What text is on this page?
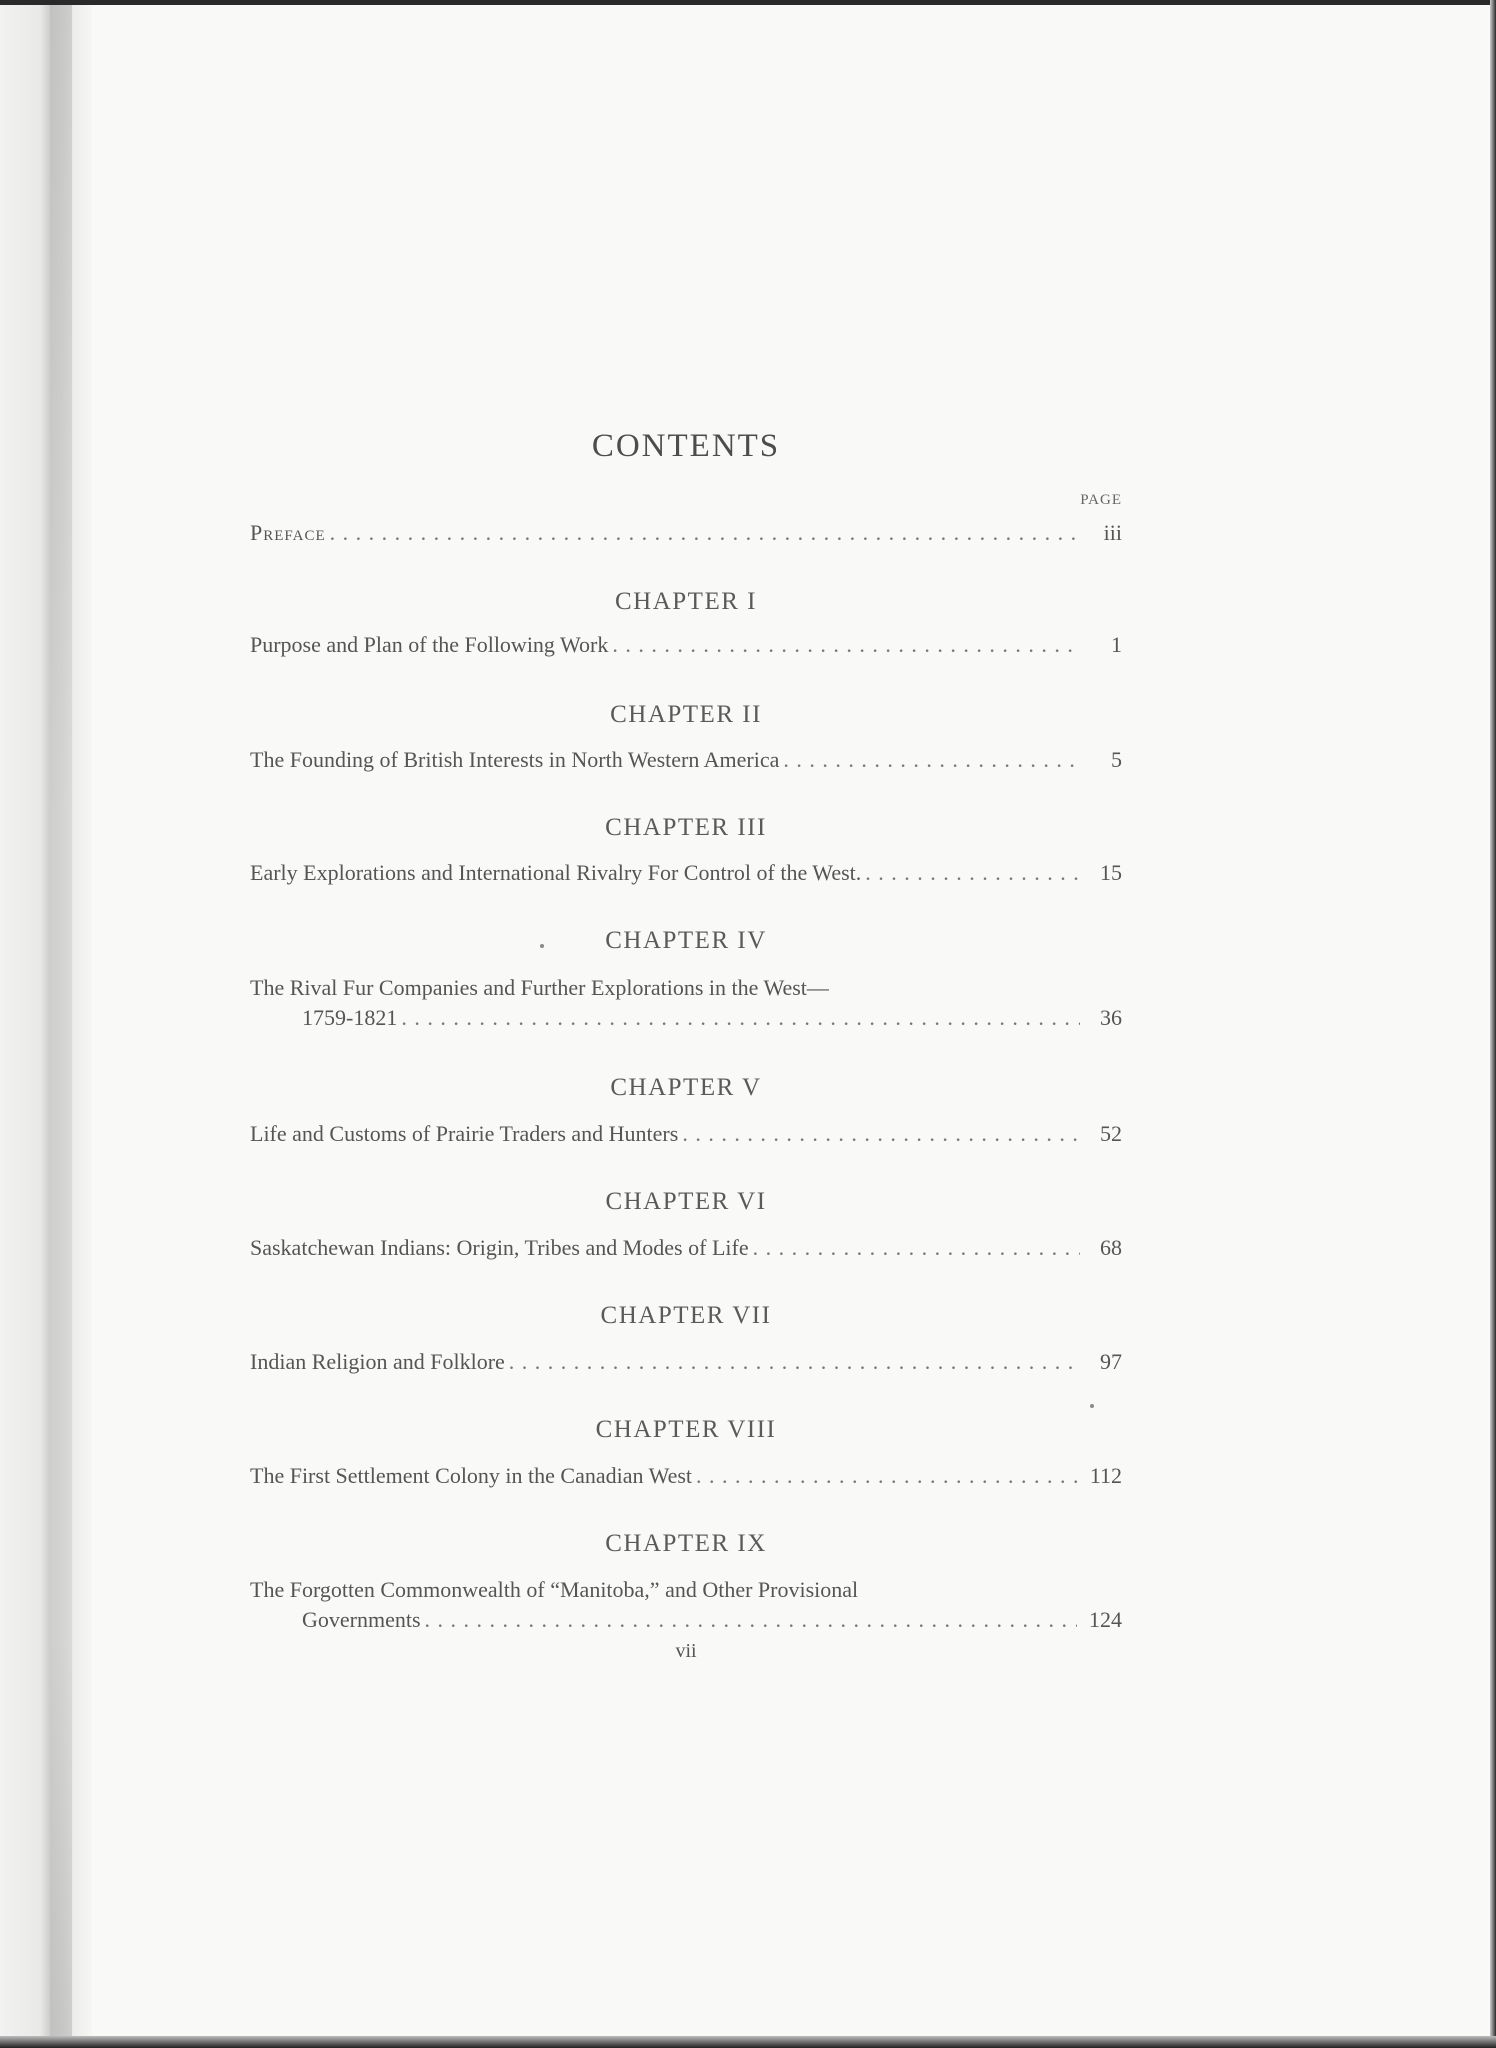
CONTENTS
PAGE
Preface . . .	iii
CHAPTER I
Purpose and Plan of the Following Work . . .	1
CHAPTER II
The Founding of British Interests in North Western America . . .	5
CHAPTER III
Early Explorations and International Rivalry For Control of the West. . . .	15
CHAPTER IV
The Rival Fur Companies and Further Explorations in the West—
1759-1821 . . .	36
CHAPTER V
Life and Customs of Prairie Traders and Hunters . . .	52
CHAPTER VI
Saskatchewan Indians: Origin, Tribes and Modes of Life . . .	68
CHAPTER VII
Indian Religion and Folklore . . .	97
CHAPTER VIII
The First Settlement Colony in the Canadian West . . .	112
CHAPTER IX
The Forgotten Commonwealth of “Manitoba,” and Other Provisional
Governments . . .	124
vii
